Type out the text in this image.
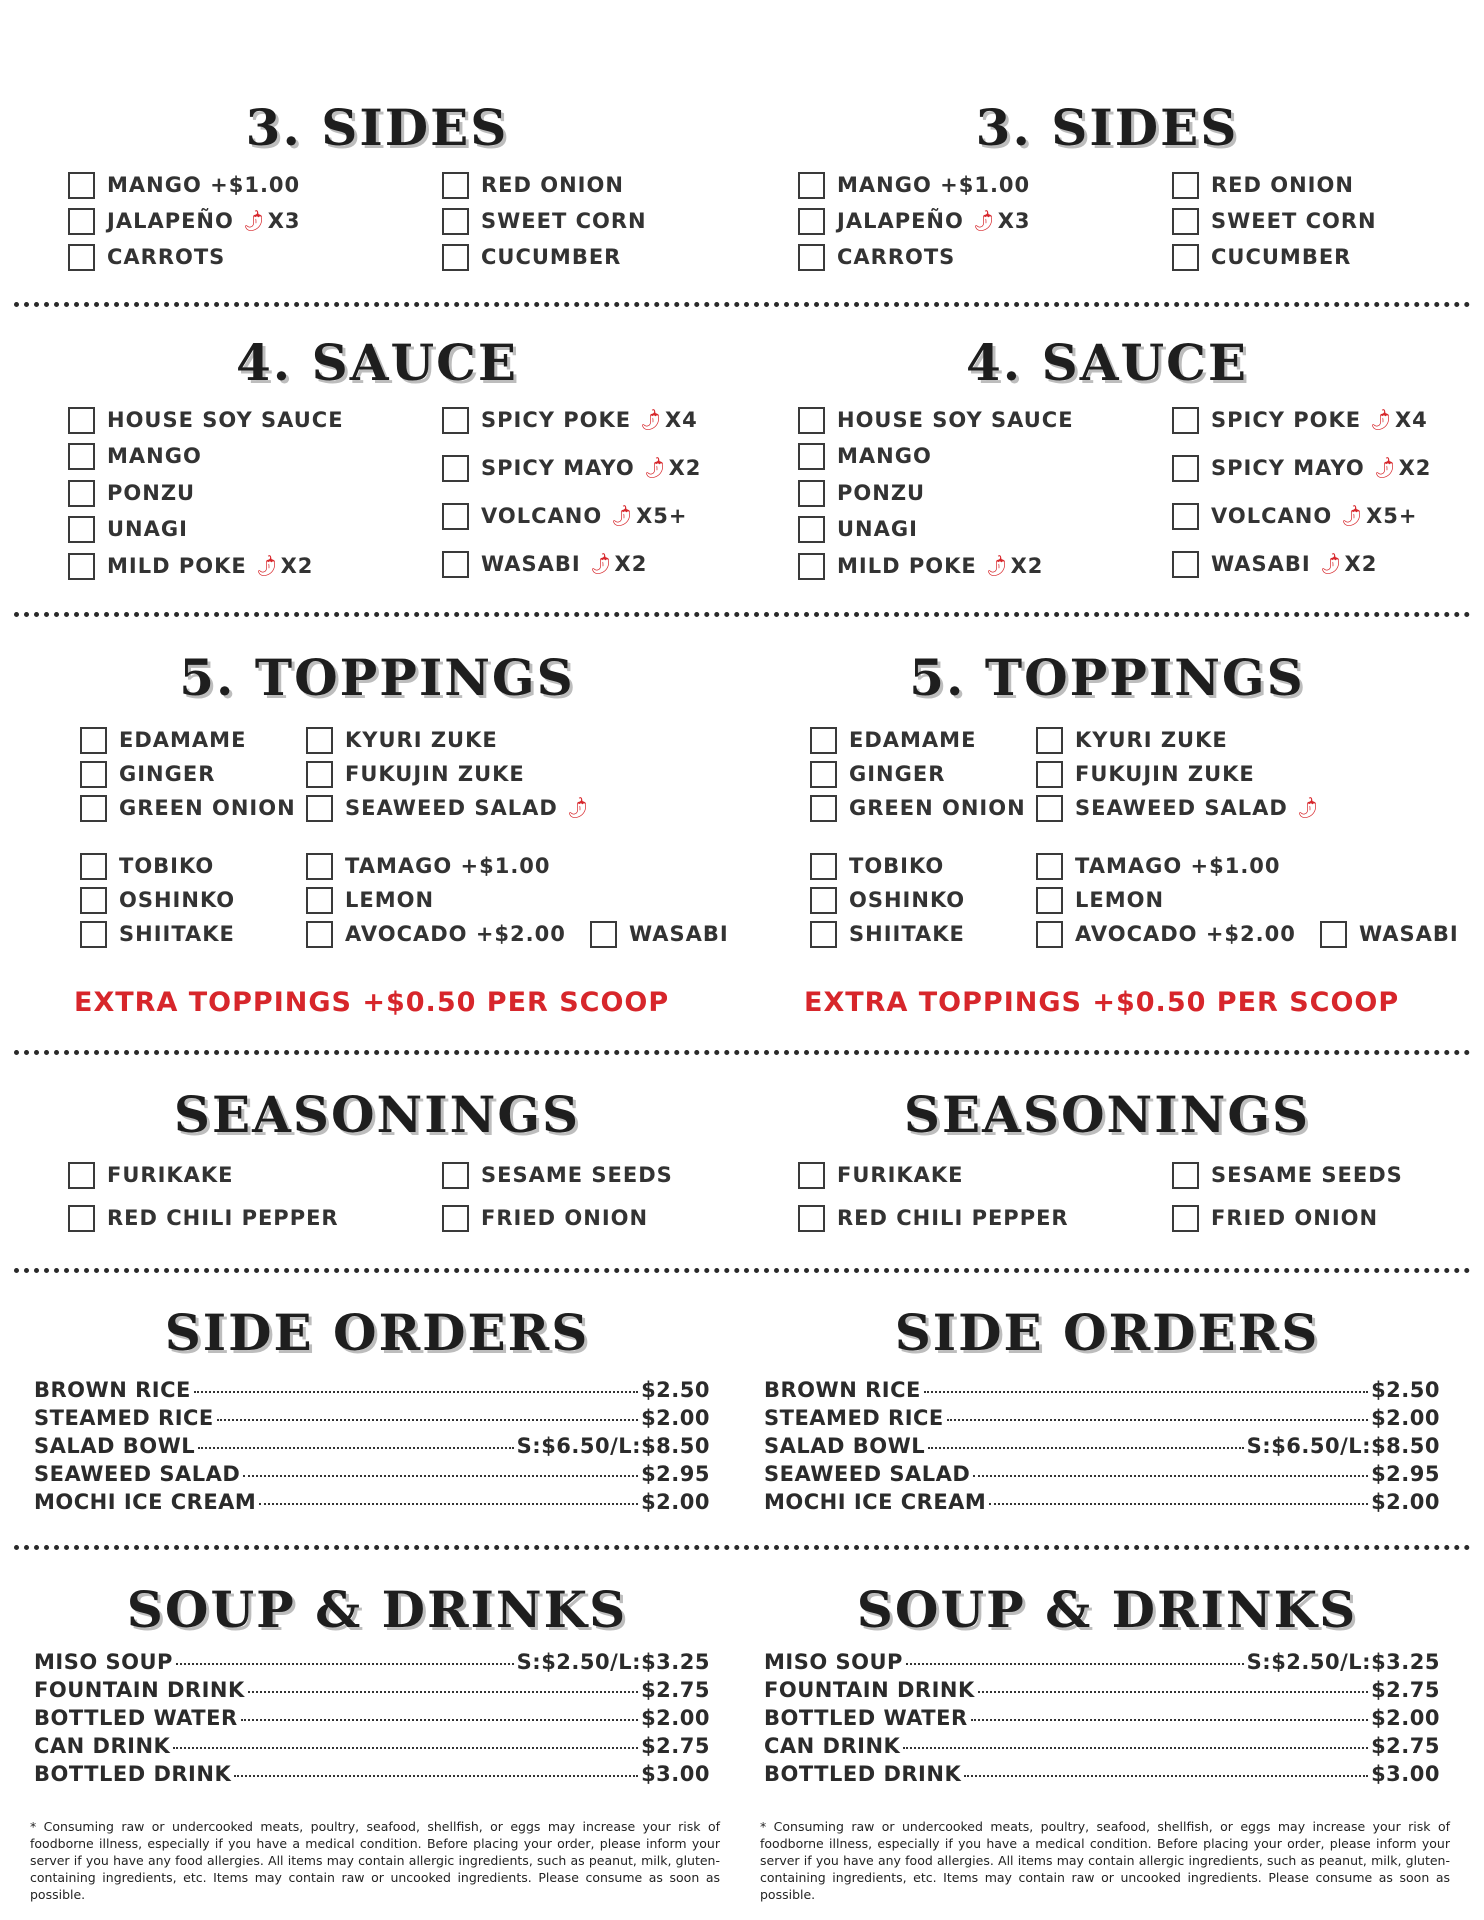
3. SIDES
MANGO +$1.00
JALAPEÑO 🌶 X3
CARROTS
RED ONION
SWEET CORN
CUCUMBER
4. SAUCE
HOUSE SOY SAUCE
MANGO
PONZU
UNAGI
MILD POKE 🌶 X2
SPICY POKE 🌶 X4
SPICY MAYO 🌶 X2
VOLCANO 🌶 X5+
WASABI 🌶 X2
5. TOPPINGS
EDAMAME
GINGER
GREEN ONION
KYURI ZUKE
FUKUJIN ZUKE
SEAWEED SALAD 🌶
TOBIKO
OSHINKO
SHIITAKE
TAMAGO +$1.00
LEMON
AVOCADO +$2.00	WASABI
EXTRA TOPPINGS +$0.50 PER SCOOP
SEASONINGS
FURIKAKE
RED CHILI PEPPER
SESAME SEEDS
FRIED ONION
SIDE ORDERS
BROWN RICE	$2.50
STEAMED RICE	$2.00
SALAD BOWL	S:$6.50/L:$8.50
SEAWEED SALAD	$2.95
MOCHI ICE CREAM	$2.00
SOUP & DRINKS
MISO SOUP	S:$2.50/L:$3.25
FOUNTAIN DRINK	$2.75
BOTTLED WATER	$2.00
CAN DRINK	$2.75
BOTTLED DRINK	$3.00
* Consuming raw or undercooked meats, poultry, seafood, shellfish, or eggs may increase your risk of foodborne illness, especially if you have a medical condition. Before placing your order, please inform your server if you have any food allergies. All items may contain allergic ingredients, such as peanut, milk, gluten-containing ingredients, etc. Items may contain raw or uncooked ingredients. Please consume as soon as possible.
3. SIDES
MANGO +$1.00
JALAPEÑO 🌶 X3
CARROTS
RED ONION
SWEET CORN
CUCUMBER
4. SAUCE
HOUSE SOY SAUCE
MANGO
PONZU
UNAGI
MILD POKE 🌶 X2
SPICY POKE 🌶 X4
SPICY MAYO 🌶 X2
VOLCANO 🌶 X5+
WASABI 🌶 X2
5. TOPPINGS
EDAMAME
GINGER
GREEN ONION
KYURI ZUKE
FUKUJIN ZUKE
SEAWEED SALAD 🌶
TOBIKO
OSHINKO
SHIITAKE
TAMAGO +$1.00
LEMON
AVOCADO +$2.00	WASABI
EXTRA TOPPINGS +$0.50 PER SCOOP
SEASONINGS
FURIKAKE
RED CHILI PEPPER
SESAME SEEDS
FRIED ONION
SIDE ORDERS
BROWN RICE	$2.50
STEAMED RICE	$2.00
SALAD BOWL	S:$6.50/L:$8.50
SEAWEED SALAD	$2.95
MOCHI ICE CREAM	$2.00
SOUP & DRINKS
MISO SOUP	S:$2.50/L:$3.25
FOUNTAIN DRINK	$2.75
BOTTLED WATER	$2.00
CAN DRINK	$2.75
BOTTLED DRINK	$3.00
* Consuming raw or undercooked meats, poultry, seafood, shellfish, or eggs may increase your risk of foodborne illness, especially if you have a medical condition. Before placing your order, please inform your server if you have any food allergies. All items may contain allergic ingredients, such as peanut, milk, gluten-containing ingredients, etc. Items may contain raw or uncooked ingredients. Please consume as soon as possible.
